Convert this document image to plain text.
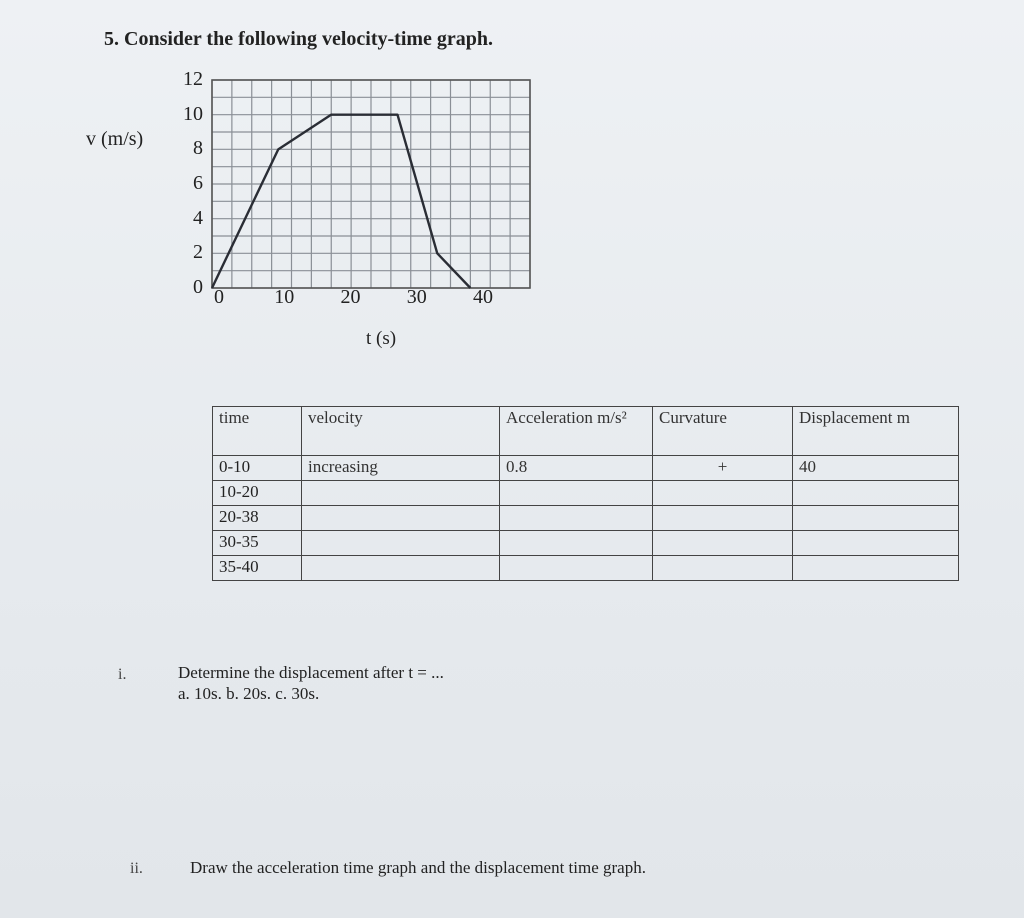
5. Consider the following velocity-time graph.
v (m/s)
t (s)
12
10
8
6
4
2
0 0	10 20 30 40
time	velocity	Acceleration m/s²	Curvature	Displacement m
0-10	increasing	0.8	+	40
10-20				
20-38				
30-35				
35-40				
i.	Determine the displacement after t = ...
a. 10s. b. 20s. c. 30s.
ii.	Draw the acceleration time graph and the displacement time graph.
